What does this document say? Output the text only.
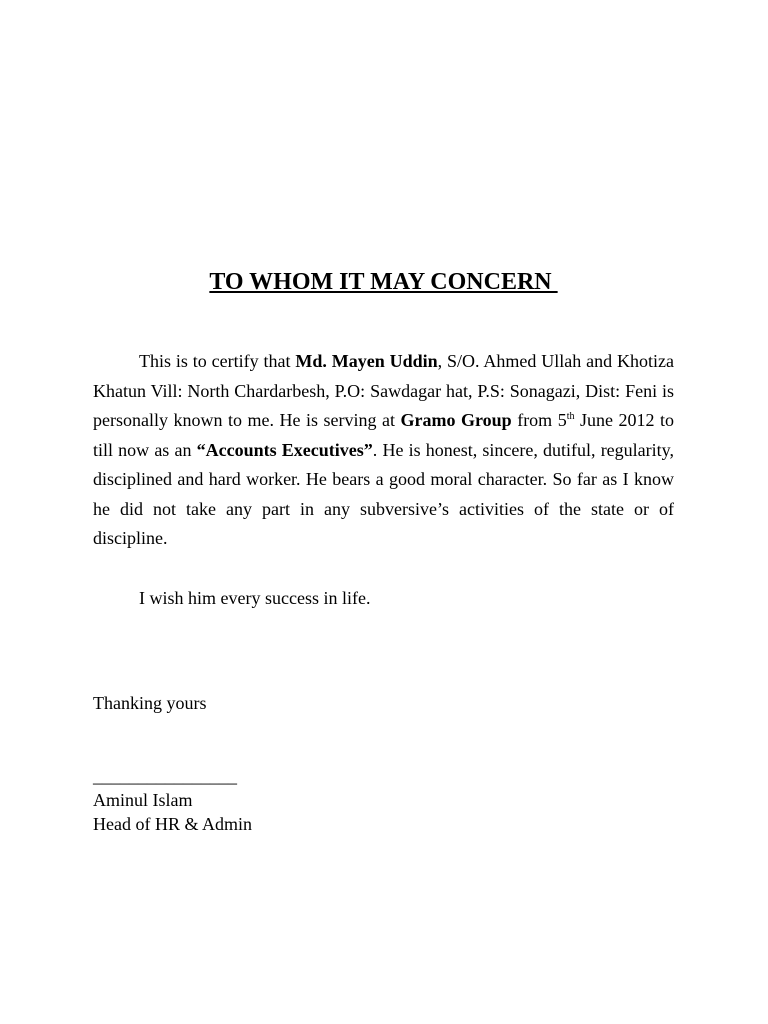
TO WHOM IT MAY CONCERN

This is to certify that Md. Mayen Uddin, S/O. Ahmed Ullah and Khotiza Khatun Vill: North Chardarbesh, P.O: Sawdagar hat, P.S: Sonagazi, Dist: Feni is personally known to me. He is serving at Gramo Group from 5th June 2012 to till now as an “Accounts Executives”. He is honest, sincere, dutiful, regularity, disciplined and hard worker. He bears a good moral character. So far as I know he did not take any part in any subversive’s activities of the state or of discipline.

I wish him every success in life.

Thanking yours

________________

Aminul Islam

Head of HR & Admin
